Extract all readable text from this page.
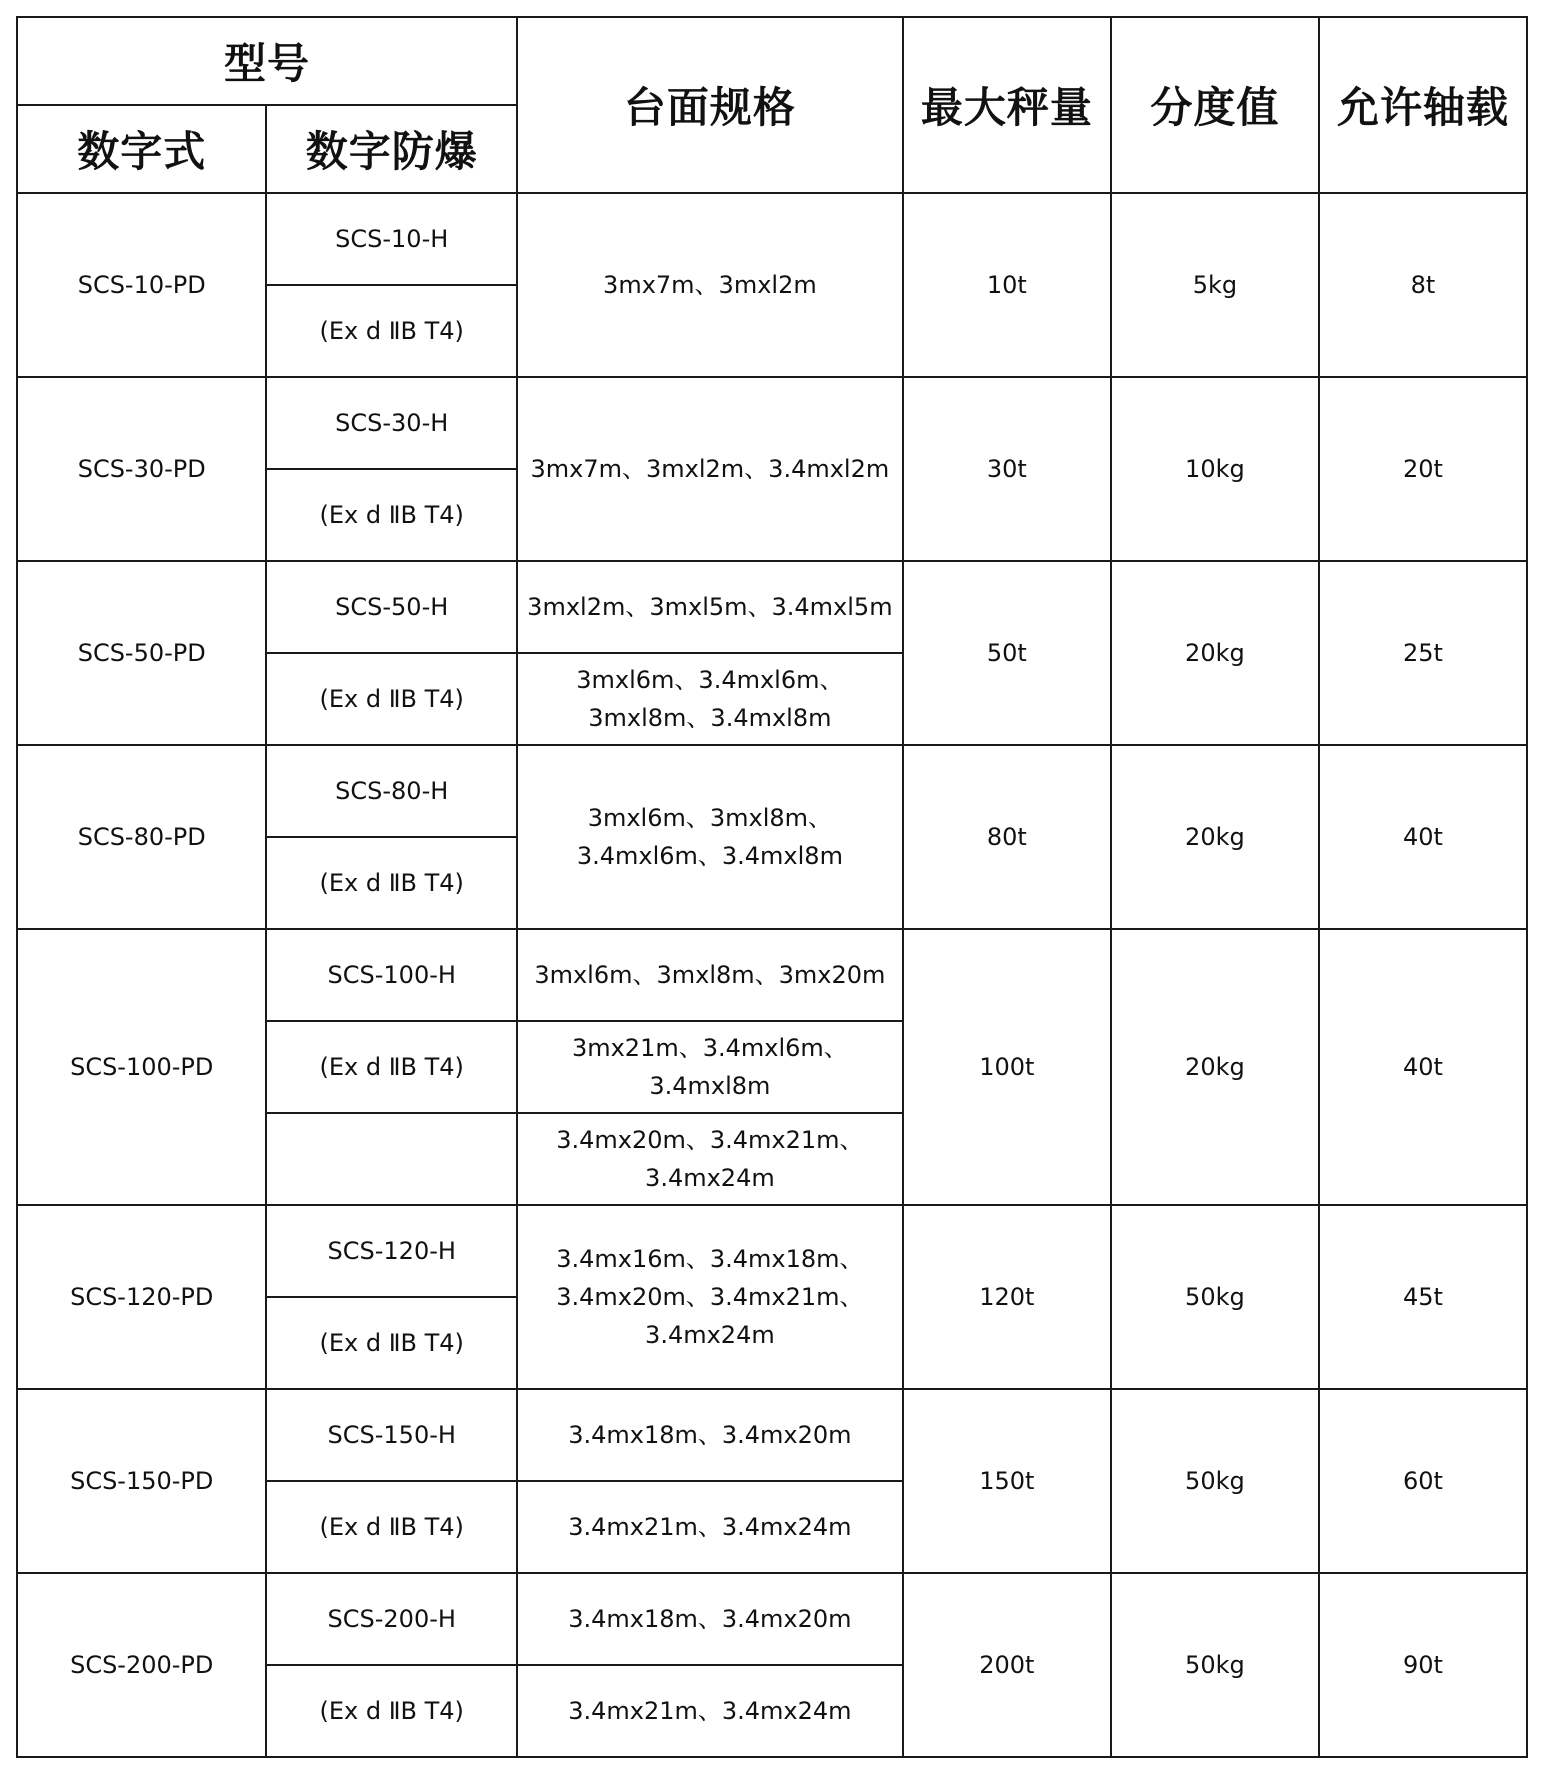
型号		台面规格	最大秤量	分度值	允许轴载
数字式	数字防爆				
SCS-10-PD	SCS-10-H	3mx7m、3mxl2m	10t	5kg	8t
	(Ex d ⅡB T4)				
SCS-30-PD	SCS-30-H	3mx7m、3mxl2m、3.4mxl2m	30t	10kg	20t
	(Ex d ⅡB T4)				
SCS-50-PD	SCS-50-H	3mxl2m、3mxl5m、3.4mxl5m	50t	20kg	25t
	(Ex d ⅡB T4)	3mxl6m、3.4mxl6m、3mxl8m、3.4mxl8m			
SCS-80-PD	SCS-80-H	3mxl6m、3mxl8m、3.4mxl6m、3.4mxl8m	80t	20kg	40t
	(Ex d ⅡB T4)				
SCS-100-PD	SCS-100-H	3mxl6m、3mxl8m、3mx20m	100t	20kg	40t
	(Ex d ⅡB T4)	3mx21m、3.4mxl6m、3.4mxl8m			
		3.4mx20m、3.4mx21m、3.4mx24m			
SCS-120-PD	SCS-120-H	3.4mx16m、3.4mx18m、3.4mx20m、3.4mx21m、3.4mx24m	120t	50kg	45t
	(Ex d ⅡB T4)				
SCS-150-PD	SCS-150-H	3.4mx18m、3.4mx20m	150t	50kg	60t
	(Ex d ⅡB T4)	3.4mx21m、3.4mx24m			
SCS-200-PD	SCS-200-H	3.4mx18m、3.4mx20m	200t	50kg	90t
	(Ex d ⅡB T4)	3.4mx21m、3.4mx24m			
